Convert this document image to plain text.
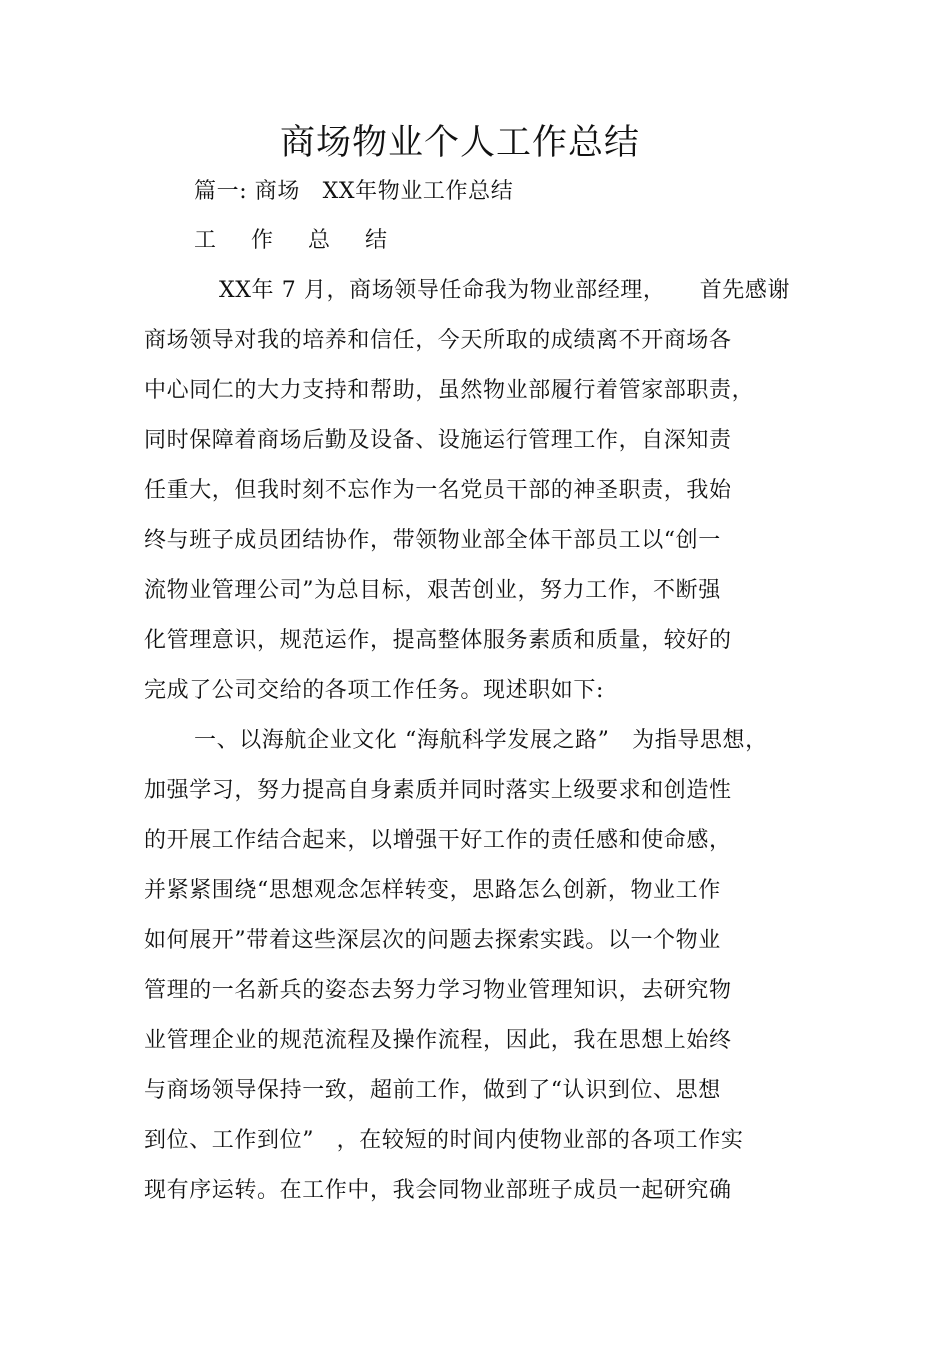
商场物业个人工作总结
篇一: 商场　XX年物业工作总结
工 作 总 结
XX年 7 月，商场领导任命我为物业部经理，　　首先感谢
商场领导对我的培养和信任，今天所取的成绩离不开商场各
中心同仁的大力支持和帮助，虽然物业部履行着管家部职责，
同时保障着商场后勤及设备、设施运行管理工作，自深知责
任重大，但我时刻不忘作为一名党员干部的神圣职责，我始
终与班子成员团结协作，带领物业部全体干部员工以“创一
流物业管理公司”为总目标，艰苦创业，努力工作，不断强
化管理意识，规范运作，提高整体服务素质和质量，较好的
完成了公司交给的各项工作任务。现述职如下:
一、以海航企业文化 “海航科学发展之路”　为指导思想，
加强学习，努力提高自身素质并同时落实上级要求和创造性
的开展工作结合起来，以增强干好工作的责任感和使命感，
并紧紧围绕“思想观念怎样转变，思路怎么创新，物业工作
如何展开”带着这些深层次的问题去探索实践。以一个物业
管理的一名新兵的姿态去努力学习物业管理知识，去研究物
业管理企业的规范流程及操作流程，因此，我在思想上始终
与商场领导保持一致，超前工作，做到了“认识到位、思想
到位、工作到位”　，在较短的时间内使物业部的各项工作实
现有序运转。在工作中，我会同物业部班子成员一起研究确
